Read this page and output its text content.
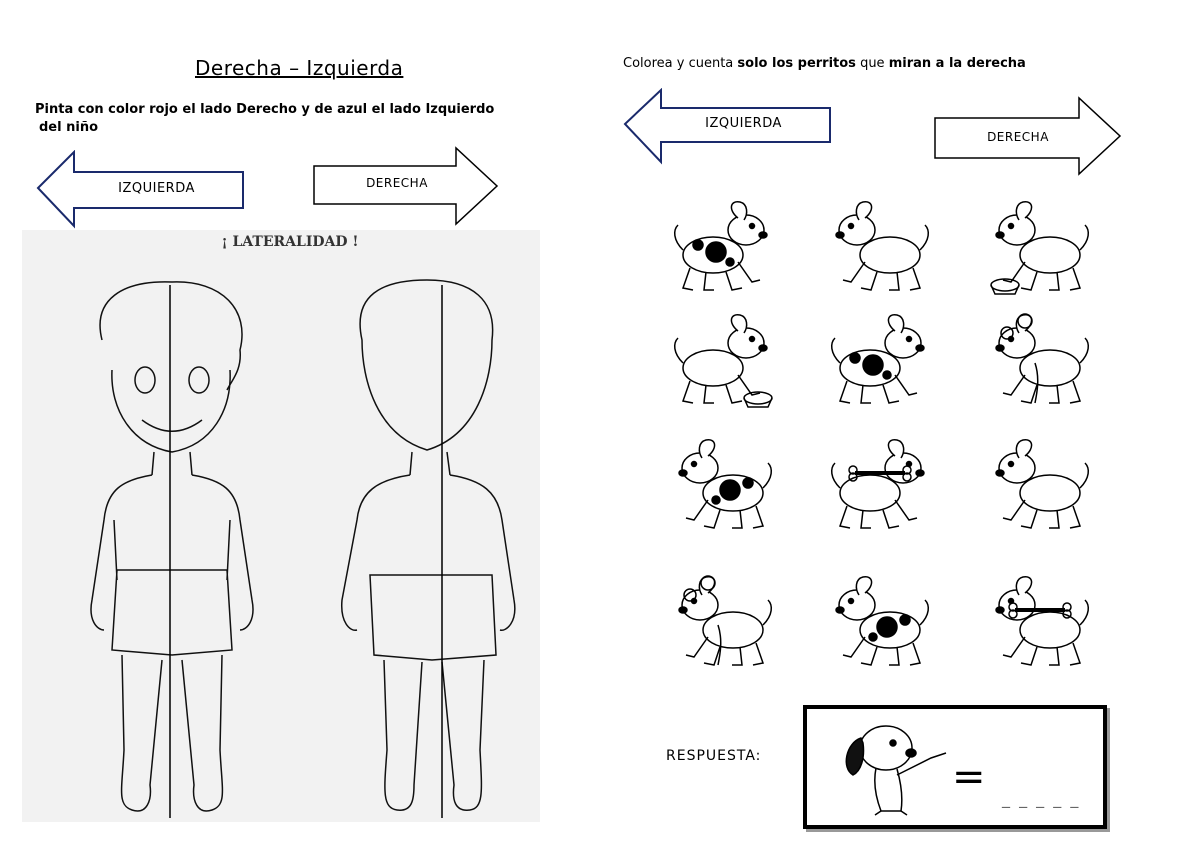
Derecha – Izquierda
Pinta con color rojo el lado Derecho y de azul el lado Izquierdo
del niño
IZQUIERDA	DERECHA
¡ LATERALIDAD !
Colorea y cuenta solo los perritos que miran a la derecha
IZQUIERDA
DERECHA
RESPUESTA:	= _ _ _ _ _
